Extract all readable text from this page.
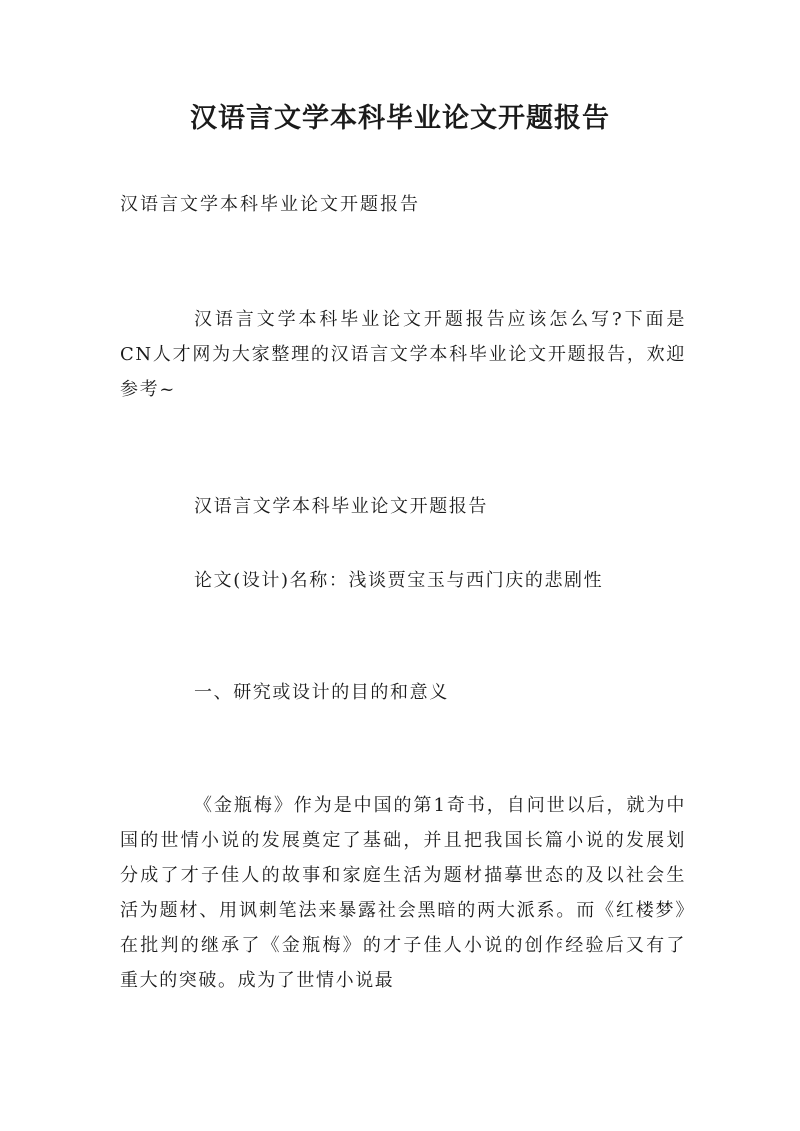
汉语言文学本科毕业论文开题报告

汉语言文学本科毕业论文开题报告

汉语言文学本科毕业论文开题报告应该怎么写?下面是CN人才网为大家整理的汉语言文学本科毕业论文开题报告，欢迎参考~

汉语言文学本科毕业论文开题报告

论文(设计)名称：浅谈贾宝玉与西门庆的悲剧性

一、研究或设计的目的和意义

《金瓶梅》作为是中国的第1奇书，自问世以后，就为中国的世情小说的发展奠定了基础，并且把我国长篇小说的发展划分成了才子佳人的故事和家庭生活为题材描摹世态的及以社会生活为题材、用讽刺笔法来暴露社会黑暗的两大派系。而《红楼梦》在批判的继承了《金瓶梅》的才子佳人小说的创作经验后又有了重大的突破。成为了世情小说最
